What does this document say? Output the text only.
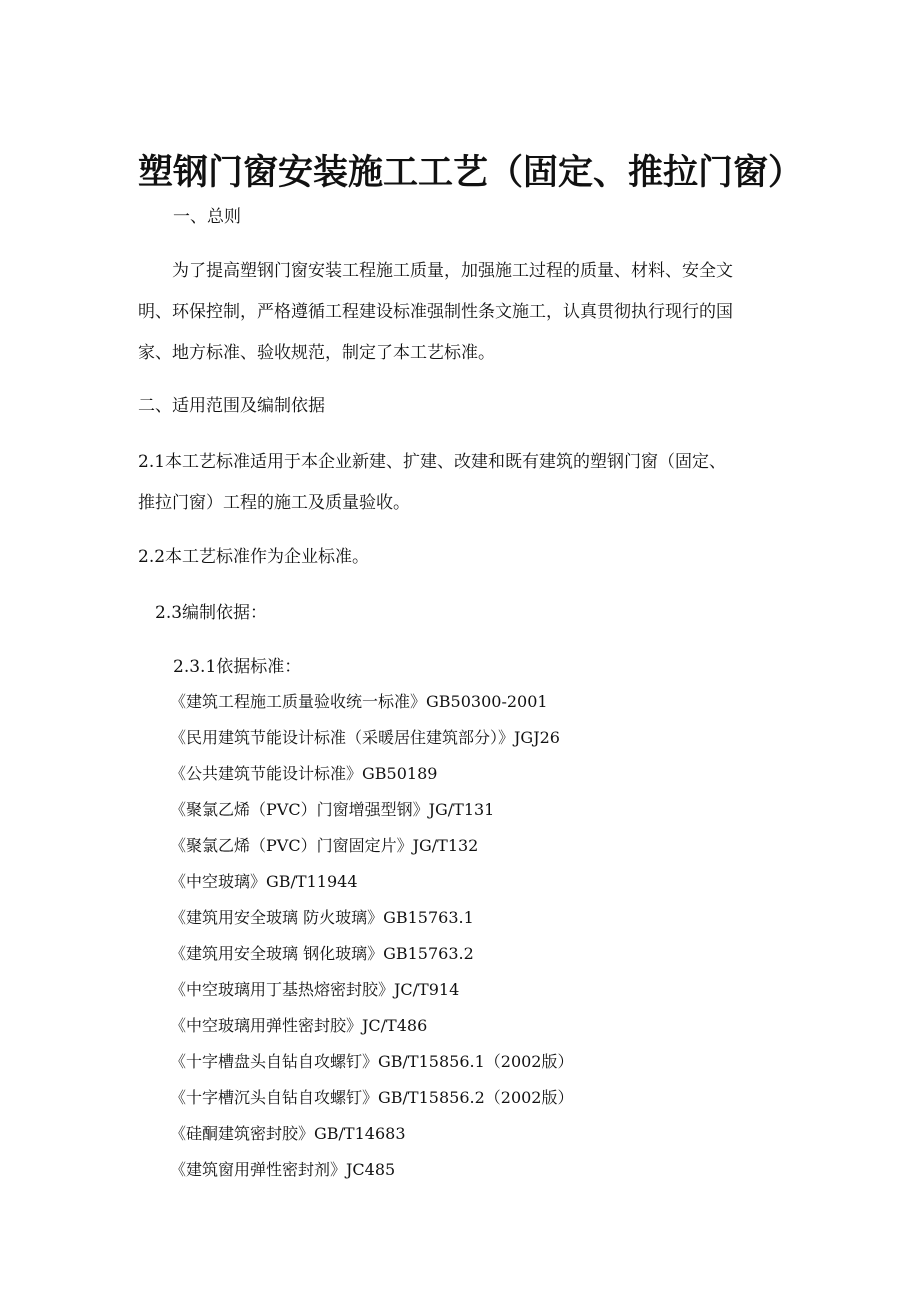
塑钢门窗安装施工工艺（固定、推拉门窗）
一、总则
为了提高塑钢门窗安装工程施工质量，加强施工过程的质量、材料、安全文
明、环保控制，严格遵循工程建设标准强制性条文施工，认真贯彻执行现行的国
家、地方标准、验收规范，制定了本工艺标准。
二、适用范围及编制依据
2.1本工艺标准适用于本企业新建、扩建、改建和既有建筑的塑钢门窗（固定、
推拉门窗）工程的施工及质量验收。
2.2本工艺标准作为企业标准。
2.3编制依据：
2.3.1依据标准：
《建筑工程施工质量验收统一标准》GB50300-2001
《民用建筑节能设计标准（采暖居住建筑部分）》JGJ26
《公共建筑节能设计标准》GB50189
《聚氯乙烯（PVC）门窗增强型钢》JG/T131
《聚氯乙烯（PVC）门窗固定片》JG/T132
《中空玻璃》GB/T11944
《建筑用安全玻璃 防火玻璃》GB15763.1
《建筑用安全玻璃 钢化玻璃》GB15763.2
《中空玻璃用丁基热熔密封胶》JC/T914
《中空玻璃用弹性密封胶》JC/T486
《十字槽盘头自钻自攻螺钉》GB/T15856.1（2002版）
《十字槽沉头自钻自攻螺钉》GB/T15856.2（2002版）
《硅酮建筑密封胶》GB/T14683
《建筑窗用弹性密封剂》JC485
